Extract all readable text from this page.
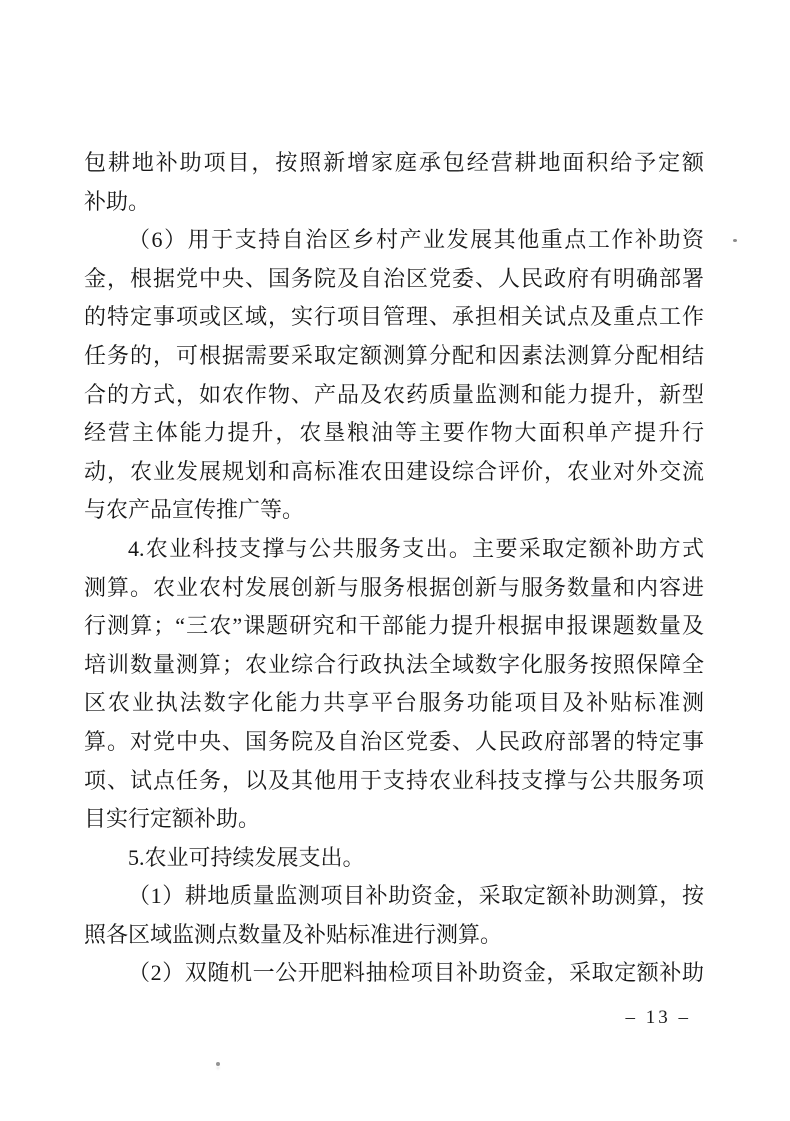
包耕地补助项目，按照新增家庭承包经营耕地面积给予定额
补助。
（6）用于支持自治区乡村产业发展其他重点工作补助资
金，根据党中央、国务院及自治区党委、人民政府有明确部署
的特定事项或区域，实行项目管理、承担相关试点及重点工作
任务的，可根据需要采取定额测算分配和因素法测算分配相结
合的方式，如农作物、产品及农药质量监测和能力提升，新型
经营主体能力提升，农垦粮油等主要作物大面积单产提升行
动，农业发展规划和高标准农田建设综合评价，农业对外交流
与农产品宣传推广等。
4.农业科技支撑与公共服务支出。主要采取定额补助方式
测算。农业农村发展创新与服务根据创新与服务数量和内容进
行测算；“三农”课题研究和干部能力提升根据申报课题数量及
培训数量测算；农业综合行政执法全域数字化服务按照保障全
区农业执法数字化能力共享平台服务功能项目及补贴标准测
算。对党中央、国务院及自治区党委、人民政府部署的特定事
项、试点任务，以及其他用于支持农业科技支撑与公共服务项
目实行定额补助。
5.农业可持续发展支出。
（1）耕地质量监测项目补助资金，采取定额补助测算，按
照各区域监测点数量及补贴标准进行测算。
（2）双随机一公开肥料抽检项目补助资金，采取定额补助
– 13 –
